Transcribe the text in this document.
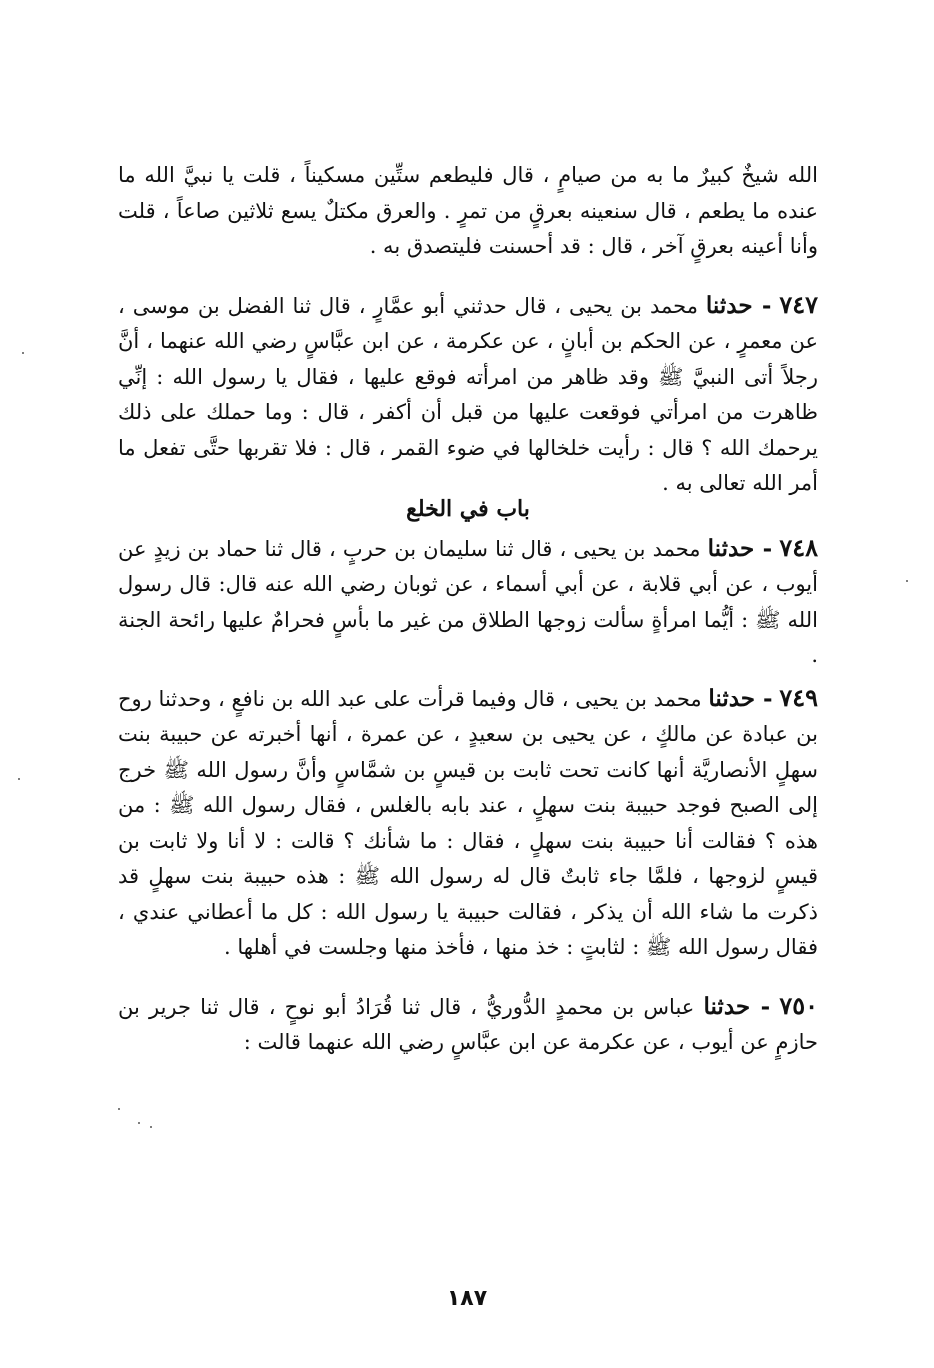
الله شيخٌ كبيرٌ ما به من صيامٍ ، قال فليطعم ستِّين مسكيناً ، قلت يا نبيَّ الله ما عنده ما يطعم ، قال سنعينه بعرقٍ من تمرٍ . والعرق مكتلٌ يسع ثلاثين صاعاً ، قلت وأنا أعينه بعرقٍ آخر ، قال : قد أحسنت فليتصدق به .

٧٤٧ - حدثنا محمد بن يحيى ، قال حدثني أبو عمَّارٍ ، قال ثنا الفضل بن موسى ، عن معمرٍ ، عن الحكم بن أبانٍ ، عن عكرمة ، عن ابن عبَّاسٍ رضي الله عنهما ، أنَّ رجلاً أتى النبيَّ ﷺ وقد ظاهر من امرأته فوقع عليها ، فقال يا رسول الله : إنِّي ظاهرت من امرأتي فوقعت عليها من قبل أن أكفر ، قال : وما حملك على ذلك يرحمك الله ؟ قال : رأيت خلخالها في ضوء القمر ، قال : فلا تقربها حتَّى تفعل ما أمر الله تعالى به .

باب في الخلع

٧٤٨ - حدثنا محمد بن يحيى ، قال ثنا سليمان بن حربٍ ، قال ثنا حماد بن زيدٍ عن أيوب ، عن أبي قلابة ، عن أبي أسماء ، عن ثوبان رضي الله عنه قال: قال رسول الله ﷺ : أيُّما امرأةٍ سألت زوجها الطلاق من غير ما بأسٍ فحرامٌ عليها رائحة الجنة .

٧٤٩ - حدثنا محمد بن يحيى ، قال وفيما قرأت على عبد الله بن نافعٍ ، وحدثنا روح بن عبادة عن مالكٍ ، عن يحيى بن سعيدٍ ، عن عمرة ، أنها أخبرته عن حبيبة بنت سهلٍ الأنصاريَّة أنها كانت تحت ثابت بن قيسٍ بن شمَّاسٍ وأنَّ رسول الله ﷺ خرج إلى الصبح فوجد حبيبة بنت سهلٍ ، عند بابه بالغلس ، فقال رسول الله ﷺ : من هذه ؟ فقالت أنا حبيبة بنت سهلٍ ، فقال : ما شأنك ؟ قالت : لا أنا ولا ثابت بن قيسٍ لزوجها ، فلمَّا جاء ثابتٌ قال له رسول الله ﷺ : هذه حبيبة بنت سهلٍ قد ذكرت ما شاء الله أن يذكر ، فقالت حبيبة يا رسول الله : كل ما أعطاني عندي ، فقال رسول الله ﷺ : لثابتٍ : خذ منها ، فأخذ منها وجلست في أهلها .

٧٥٠ - حدثنا عباس بن محمدٍ الدُّوريُّ ، قال ثنا قُرَادُ أبو نوحٍ ، قال ثنا جرير بن حازمٍ عن أيوب ، عن عكرمة عن ابن عبَّاسٍ رضي الله عنهما قالت :

١٨٧
